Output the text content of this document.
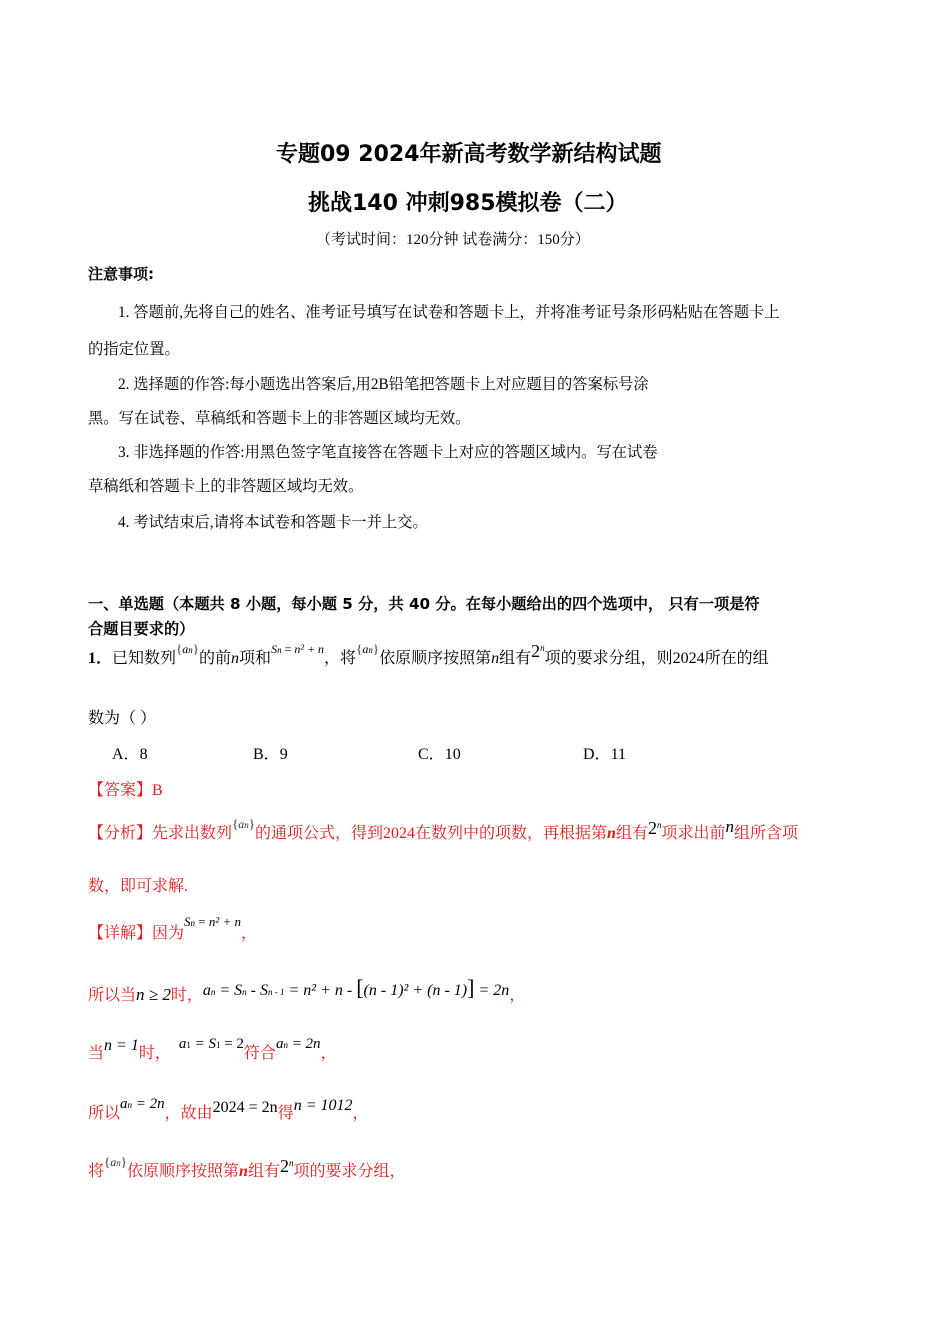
专题09 2024年新高考数学新结构试题
挑战140 冲刺985模拟卷（二）
（考试时间：120分钟 试卷满分：150分）
注意事项:
1. 答题前,先将自己的姓名、准考证号填写在试卷和答题卡上，并将准考证号条形码粘贴在答题卡上
的指定位置。
2. 选择题的作答:每小题选出答案后,用2B铅笔把答题卡上对应题目的答案标号涂
黑。写在试卷、草稿纸和答题卡上的非答题区域均无效。
3. 非选择题的作答:用黑色签字笔直接答在答题卡上对应的答题区域内。写在试卷
草稿纸和答题卡上的非答题区域均无效。
4. 考试结束后,请将本试卷和答题卡一并上交。
一、单选题（本题共 8 小题，每小题 5 分，共 40 分。在每小题给出的四个选项中， 只有一项是符
合题目要求的）
1．已知数列{an}的前n项和$^{Sn = n^2 + n}$，将{an}依原顺序按照第n组有2$^n$项的要求分组，则2024所在的组
数为（ ）
A．8	B．9	C．10	D．11
【答案】B
【分析】先求出数列{an}的通项公式，得到2024在数列中的项数，再根据第n组有2$^n$项求出前n组所含项
数，即可求解.
【详解】因为$^{Sn = n^2 + n}$，
所以当n ≥ 2时，an = Sn - Sn - 1 = n² + n - [(n - 1)² + (n - 1)] = 2n，
当n = 1时，a1 = S1 = 2符合an = 2n，
所以an = 2n，故由2024 = 2n得n = 1012，
将{an}依原顺序按照第n组有2$^n$项的要求分组，
